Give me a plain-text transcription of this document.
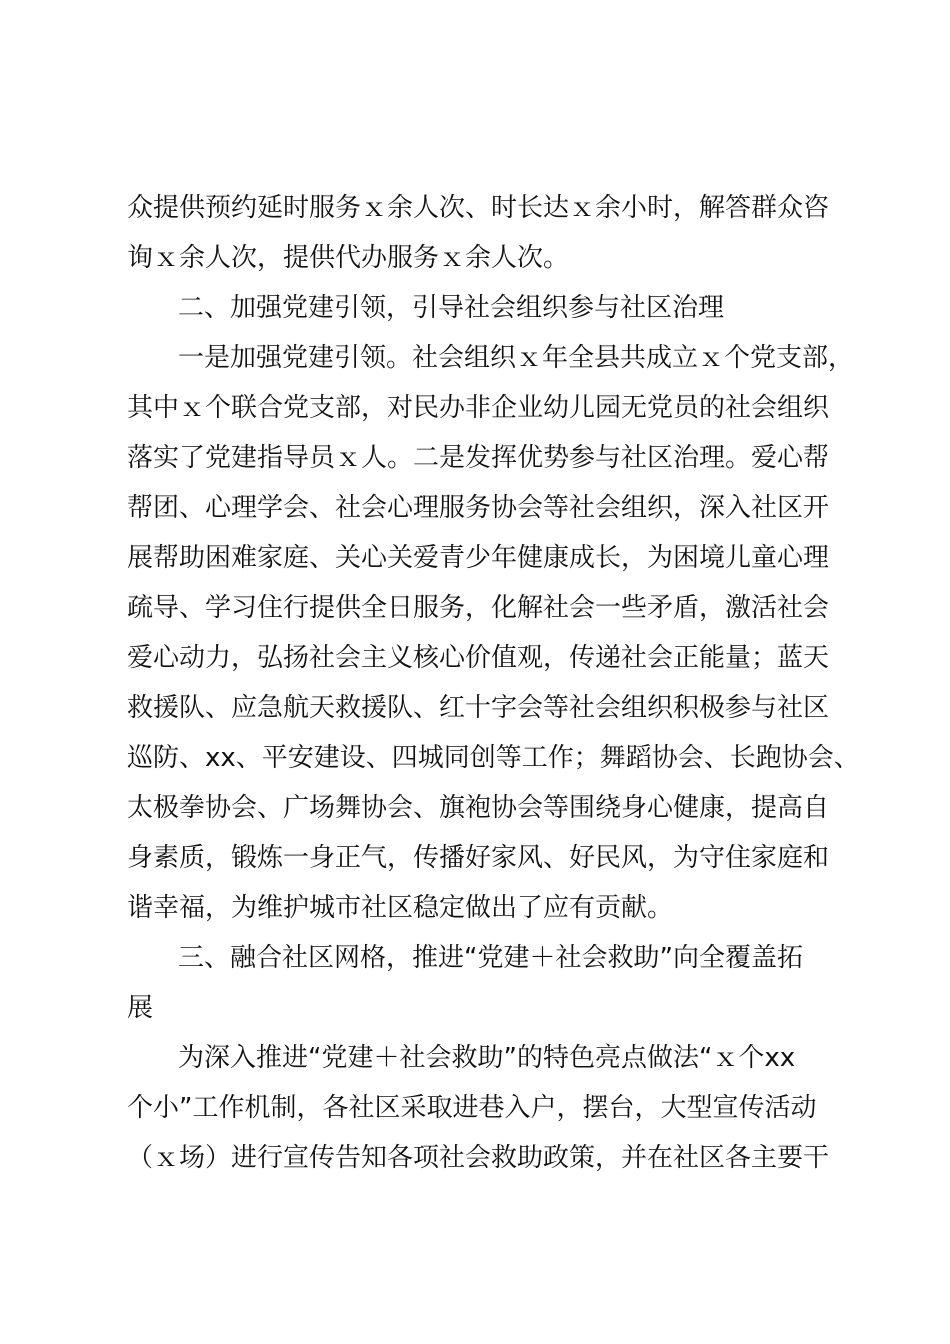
众提供预约延时服务ｘ余人次、时长达ｘ余小时，解答群众咨
询ｘ余人次，提供代办服务ｘ余人次。
二、加强党建引领，引导社会组织参与社区治理
一是加强党建引领。社会组织ｘ年全县共成立ｘ个党支部，
其中ｘ个联合党支部，对民办非企业幼儿园无党员的社会组织
落实了党建指导员ｘ人。二是发挥优势参与社区治理。爱心帮
帮团、心理学会、社会心理服务协会等社会组织，深入社区开
展帮助困难家庭、关心关爱青少年健康成长，为困境儿童心理
疏导、学习住行提供全日服务，化解社会一些矛盾，激活社会
爱心动力，弘扬社会主义核心价值观，传递社会正能量；蓝天
救援队、应急航天救援队、红十字会等社会组织积极参与社区
巡防、xx、平安建设、四城同创等工作；舞蹈协会、长跑协会、
太极拳协会、广场舞协会、旗袍协会等围绕身心健康，提高自
身素质，锻炼一身正气，传播好家风、好民风，为守住家庭和
谐幸福，为维护城市社区稳定做出了应有贡献。
三、融合社区网格，推进“党建＋社会救助”向全覆盖拓
展
为深入推进“党建＋社会救助”的特色亮点做法“ｘ个xx
个小”工作机制，各社区采取进巷入户，摆台，大型宣传活动
（ｘ场）进行宣传告知各项社会救助政策，并在社区各主要干
